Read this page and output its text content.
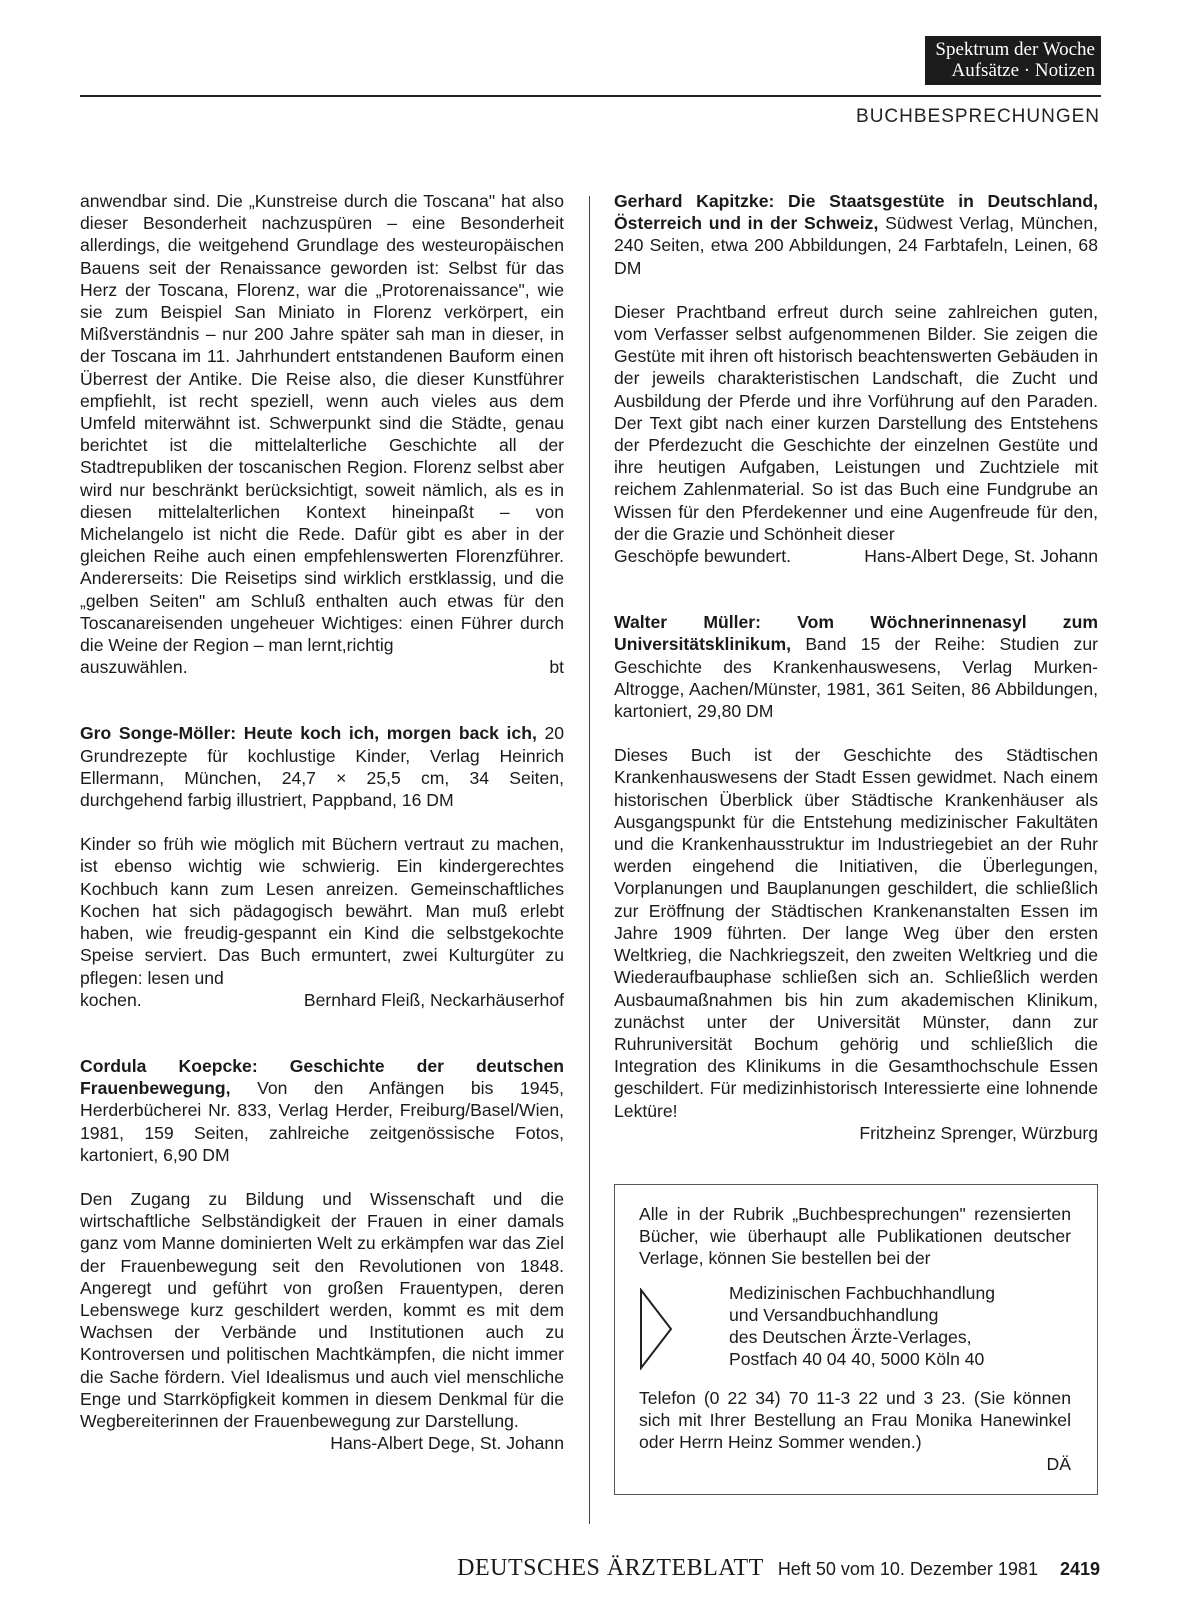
Spektrum der Woche
Aufsätze · Notizen
BUCHBESPRECHUNGEN

anwendbar sind. Die „Kunstreise durch die Toscana" hat also dieser Besonderheit nachzuspüren – eine Besonderheit allerdings, die weitgehend Grundlage des westeuropäischen Bauens seit der Renaissance geworden ist: Selbst für das Herz der Toscana, Florenz, war die „Protorenaissance", wie sie zum Beispiel San Miniato in Florenz verkörpert, ein Mißverständnis – nur 200 Jahre später sah man in dieser, in der Toscana im 11. Jahrhundert entstandenen Bauform einen Überrest der Antike. Die Reise also, die dieser Kunstführer empfiehlt, ist recht speziell, wenn auch vieles aus dem Umfeld miterwähnt ist. Schwerpunkt sind die Städte, genau berichtet ist die mittelalterliche Geschichte all der Stadtrepubliken der toscanischen Region. Florenz selbst aber wird nur beschränkt berücksichtigt, soweit nämlich, als es in diesen mittelalterlichen Kontext hineinpaßt – von Michelangelo ist nicht die Rede. Dafür gibt es aber in der gleichen Reihe auch einen empfehlenswerten Florenzführer. Andererseits: Die Reisetips sind wirklich erstklassig, und die „gelben Seiten" am Schluß enthalten auch etwas für den Toscanareisenden ungeheuer Wichtiges: einen Führer durch die Weine der Region – man lernt,richtig

auszuwählen.	bt

Gro Songe-Möller: Heute koch ich, morgen back ich, 20 Grundrezepte für kochlustige Kinder, Verlag Heinrich Ellermann, München, 24,7 × 25,5 cm, 34 Seiten, durchgehend farbig illustriert, Pappband, 16 DM

Kinder so früh wie möglich mit Büchern vertraut zu machen, ist ebenso wichtig wie schwierig. Ein kindergerechtes Kochbuch kann zum Lesen anreizen. Gemeinschaftliches Kochen hat sich pädagogisch bewährt. Man muß erlebt haben, wie freudig-gespannt ein Kind die selbstgekochte Speise serviert. Das Buch ermuntert, zwei Kulturgüter zu pflegen: lesen und

kochen.	Bernhard Fleiß, Neckarhäuserhof

Cordula Koepcke: Geschichte der deutschen Frauenbewegung, Von den Anfängen bis 1945, Herderbücherei Nr. 833, Verlag Herder, Freiburg/Basel/Wien, 1981, 159 Seiten, zahlreiche zeitgenössische Fotos, kartoniert, 6,90 DM

Den Zugang zu Bildung und Wissenschaft und die wirtschaftliche Selbständigkeit der Frauen in einer damals ganz vom Manne dominierten Welt zu erkämpfen war das Ziel der Frauenbewegung seit den Revolutionen von 1848. Angeregt und geführt von großen Frauentypen, deren Lebenswege kurz geschildert werden, kommt es mit dem Wachsen der Verbände und Institutionen auch zu Kontroversen und politischen Machtkämpfen, die nicht immer die Sache fördern. Viel Idealismus und auch viel menschliche Enge und Starrköpfigkeit kommen in diesem Denkmal für die Wegbereiterinnen der Frauenbewegung zur Darstellung.

Hans-Albert Dege, St. Johann

Gerhard Kapitzke: Die Staatsgestüte in Deutschland, Österreich und in der Schweiz, Südwest Verlag, München, 240 Seiten, etwa 200 Abbildungen, 24 Farbtafeln, Leinen, 68 DM

Dieser Prachtband erfreut durch seine zahlreichen guten, vom Verfasser selbst aufgenommenen Bilder. Sie zeigen die Gestüte mit ihren oft historisch beachtenswerten Gebäuden in der jeweils charakteristischen Landschaft, die Zucht und Ausbildung der Pferde und ihre Vorführung auf den Paraden. Der Text gibt nach einer kurzen Darstellung des Entstehens der Pferdezucht die Geschichte der einzelnen Gestüte und ihre heutigen Aufgaben, Leistungen und Zuchtziele mit reichem Zahlenmaterial. So ist das Buch eine Fundgrube an Wissen für den Pferdekenner und eine Augenfreude für den, der die Grazie und Schönheit dieser

Geschöpfe bewundert.	Hans-Albert Dege, St. Johann

Walter Müller: Vom Wöchnerinnenasyl zum Universitätsklinikum, Band 15 der Reihe: Studien zur Geschichte des Krankenhauswesens, Verlag Murken-Altrogge, Aachen/Münster, 1981, 361 Seiten, 86 Abbildungen, kartoniert, 29,80 DM

Dieses Buch ist der Geschichte des Städtischen Krankenhauswesens der Stadt Essen gewidmet. Nach einem historischen Überblick über Städtische Krankenhäuser als Ausgangspunkt für die Entstehung medizinischer Fakultäten und die Krankenhausstruktur im Industriegebiet an der Ruhr werden eingehend die Initiativen, die Überlegungen, Vorplanungen und Bauplanungen geschildert, die schließlich zur Eröffnung der Städtischen Krankenanstalten Essen im Jahre 1909 führten. Der lange Weg über den ersten Weltkrieg, die Nachkriegszeit, den zweiten Weltkrieg und die Wiederaufbauphase schließen sich an. Schließlich werden Ausbaumaßnahmen bis hin zum akademischen Klinikum, zunächst unter der Universität Münster, dann zur Ruhruniversität Bochum gehörig und schließlich die Integration des Klinikums in die Gesamthochschule Essen geschildert. Für medizinhistorisch Interessierte eine lohnende Lektüre!

Fritzheinz Sprenger, Würzburg

Alle in der Rubrik „Buchbesprechungen" rezensierten Bücher, wie überhaupt alle Publikationen deutscher Verlage, können Sie bestellen bei der

Medizinischen Fachbuchhandlung
und Versandbuchhandlung
des Deutschen Ärzte-Verlages,
Postfach 40 04 40, 5000 Köln 40

Telefon (0 22 34) 70 11-3 22 und 3 23. (Sie können sich mit Ihrer Bestellung an Frau Monika Hanewinkel oder Herrn Heinz Sommer wenden.)

DÄ

DEUTSCHES ÄRZTEBLATT Heft 50 vom 10. Dezember 1981 2419
